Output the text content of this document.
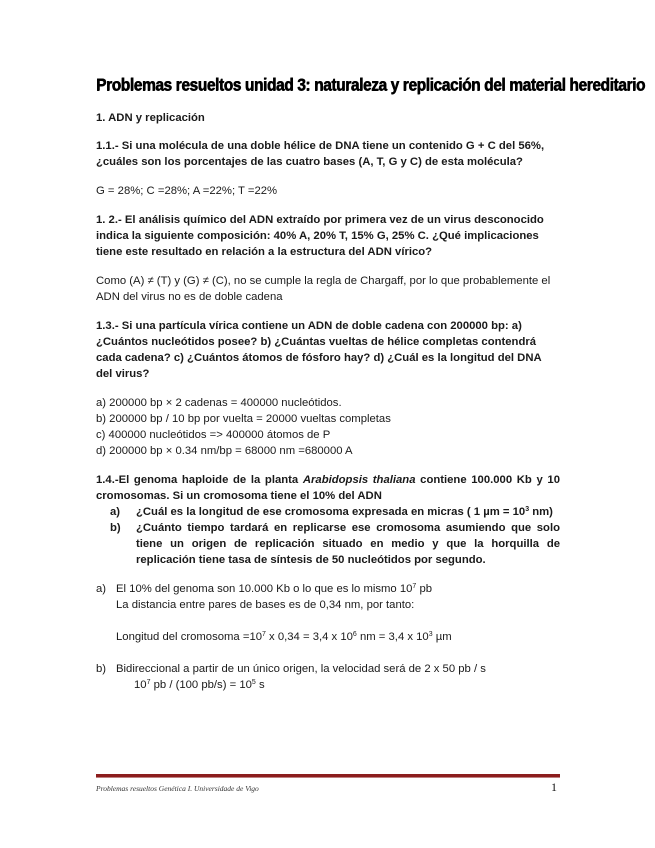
Problemas resueltos unidad 3: naturaleza y replicación del material hereditario
1. ADN y replicación
1.1.- Si una molécula de una doble hélice de DNA tiene un contenido G + C del 56%, ¿cuáles son los porcentajes de las cuatro bases (A, T, G y C) de esta molécula?
G = 28%; C =28%; A =22%; T =22%
1. 2.- El análisis químico del ADN extraído por primera vez de un virus desconocido indica la siguiente composición: 40% A, 20% T, 15% G, 25% C. ¿Qué implicaciones tiene este resultado en relación a la estructura del ADN vírico?
Como (A) ≠ (T) y (G) ≠ (C), no se cumple la regla de Chargaff, por lo que probablemente el ADN del virus no es de doble cadena
1.3.- Si una partícula vírica contiene un ADN de doble cadena con 200000 bp: a) ¿Cuántos nucleótidos posee? b) ¿Cuántas vueltas de hélice completas contendrá cada cadena? c) ¿Cuántos átomos de fósforo hay? d) ¿Cuál es la longitud del DNA del virus?
a) 200000 bp × 2 cadenas = 400000 nucleótidos.
b) 200000 bp / 10 bp por vuelta = 20000 vueltas completas
c) 400000 nucleótidos => 400000 átomos de P
d) 200000 bp × 0.34 nm/bp = 68000 nm =680000 A
1.4.-El genoma haploide de la planta Arabidopsis thaliana contiene 100.000 Kb y 10 cromosomas. Si un cromosoma tiene el 10% del ADN
a) ¿Cuál es la longitud de ese cromosoma expresada en micras ( 1 $\mu m = 10^3$ nm)
b) ¿Cuánto tiempo tardará en replicarse ese cromosoma asumiendo que solo tiene un origen de replicación situado en medio y que la horquilla de replicación tiene tasa de síntesis de 50 nucleótidos por segundo.
a) El 10% del genoma son 10.000 Kb o lo que es lo mismo $10^7$ pb
La distancia entre pares de bases es de 0,34 nm, por tanto:
Longitud del cromosoma $=10^7$ x 0,34 = 3,4 x $10^6$ nm = 3,4 x $10^3$ µm
b) Bidireccional a partir de un único origen, la velocidad será de 2 x 50 pb / s
$10^7$ pb / (100 $pb/s) = 10^5$ s
Problemas resueltos Genética I. Universidade de Vigo	1
